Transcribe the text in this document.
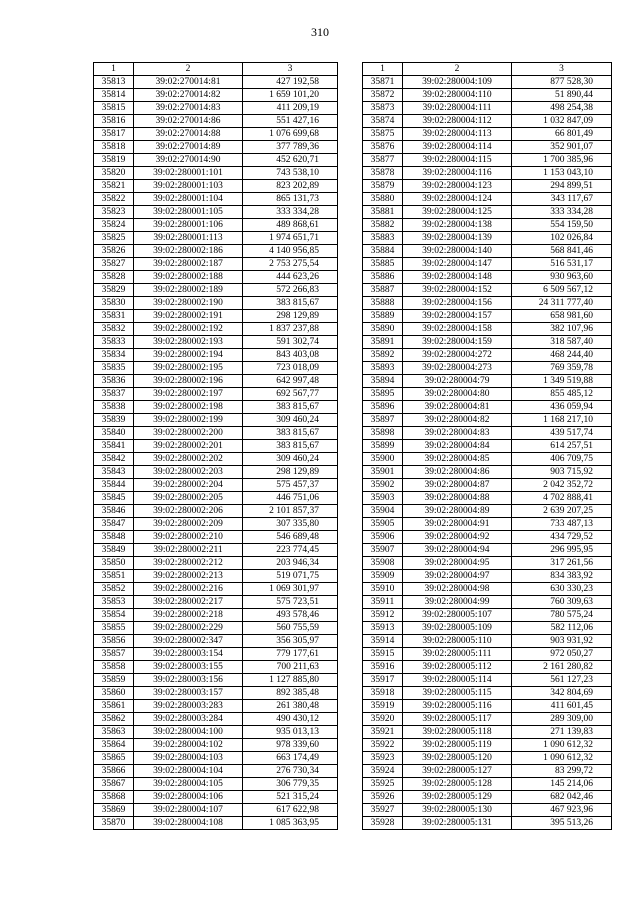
310
1	2	3
35813	39:02:270014:81	427 192,58
35814	39:02:270014:82	1 659 101,20
35815	39:02:270014:83	411 209,19
35816	39:02:270014:86	551 427,16
35817	39:02:270014:88	1 076 699,68
35818	39:02:270014:89	377 789,36
35819	39:02:270014:90	452 620,71
35820	39:02:280001:101	743 538,10
35821	39:02:280001:103	823 202,89
35822	39:02:280001:104	865 131,73
35823	39:02:280001:105	333 334,28
35824	39:02:280001:106	489 868,61
35825	39:02:280001:113	1 974 651,71
35826	39:02:280002:186	4 140 956,85
35827	39:02:280002:187	2 753 275,54
35828	39:02:280002:188	444 623,26
35829	39:02:280002:189	572 266,83
35830	39:02:280002:190	383 815,67
35831	39:02:280002:191	298 129,89
35832	39:02:280002:192	1 837 237,88
35833	39:02:280002:193	591 302,74
35834	39:02:280002:194	843 403,08
35835	39:02:280002:195	723 018,09
35836	39:02:280002:196	642 997,48
35837	39:02:280002:197	692 567,77
35838	39:02:280002:198	383 815,67
35839	39:02:280002:199	309 460,24
35840	39:02:280002:200	383 815,67
35841	39:02:280002:201	383 815,67
35842	39:02:280002:202	309 460,24
35843	39:02:280002:203	298 129,89
35844	39:02:280002:204	575 457,37
35845	39:02:280002:205	446 751,06
35846	39:02:280002:206	2 101 857,37
35847	39:02:280002:209	307 335,80
35848	39:02:280002:210	546 689,48
35849	39:02:280002:211	223 774,45
35850	39:02:280002:212	203 946,34
35851	39:02:280002:213	519 071,75
35852	39:02:280002:216	1 069 301,97
35853	39:02:280002:217	575 723,51
35854	39:02:280002:218	493 578,46
35855	39:02:280002:229	560 755,59
35856	39:02:280002:347	356 305,97
35857	39:02:280003:154	779 177,61
35858	39:02:280003:155	700 211,63
35859	39:02:280003:156	1 127 885,80
35860	39:02:280003:157	892 385,48
35861	39:02:280003:283	261 380,48
35862	39:02:280003:284	490 430,12
35863	39:02:280004:100	935 013,13
35864	39:02:280004:102	978 339,60
35865	39:02:280004:103	663 174,49
35866	39:02:280004:104	276 730,34
35867	39:02:280004:105	306 779,35
35868	39:02:280004:106	521 315,24
35869	39:02:280004:107	617 622,98
35870	39:02:280004:108	1 085 363,95
1	2	3
35871	39:02:280004:109	877 528,30
35872	39:02:280004:110	51 890,44
35873	39:02:280004:111	498 254,38
35874	39:02:280004:112	1 032 847,09
35875	39:02:280004:113	66 801,49
35876	39:02:280004:114	352 901,07
35877	39:02:280004:115	1 700 385,96
35878	39:02:280004:116	1 153 043,10
35879	39:02:280004:123	294 899,51
35880	39:02:280004:124	343 117,67
35881	39:02:280004:125	333 334,28
35882	39:02:280004:138	554 159,50
35883	39:02:280004:139	102 026,84
35884	39:02:280004:140	568 841,46
35885	39:02:280004:147	516 531,17
35886	39:02:280004:148	930 963,60
35887	39:02:280004:152	6 509 567,12
35888	39:02:280004:156	24 311 777,40
35889	39:02:280004:157	658 981,60
35890	39:02:280004:158	382 107,96
35891	39:02:280004:159	318 587,40
35892	39:02:280004:272	468 244,40
35893	39:02:280004:273	769 359,78
35894	39:02:280004:79	1 349 519,88
35895	39:02:280004:80	855 485,12
35896	39:02:280004:81	436 059,94
35897	39:02:280004:82	1 168 217,10
35898	39:02:280004:83	439 517,74
35899	39:02:280004:84	614 257,51
35900	39:02:280004:85	406 709,75
35901	39:02:280004:86	903 715,92
35902	39:02:280004:87	2 042 352,72
35903	39:02:280004:88	4 702 888,41
35904	39:02:280004:89	2 639 207,25
35905	39:02:280004:91	733 487,13
35906	39:02:280004:92	434 729,52
35907	39:02:280004:94	296 995,95
35908	39:02:280004:95	317 261,56
35909	39:02:280004:97	834 383,92
35910	39:02:280004:98	630 330,23
35911	39:02:280004:99	760 309,63
35912	39:02:280005:107	780 575,24
35913	39:02:280005:109	582 112,06
35914	39:02:280005:110	903 931,92
35915	39:02:280005:111	972 050,27
35916	39:02:280005:112	2 161 280,82
35917	39:02:280005:114	561 127,23
35918	39:02:280005:115	342 804,69
35919	39:02:280005:116	411 601,45
35920	39:02:280005:117	289 309,00
35921	39:02:280005:118	271 139,83
35922	39:02:280005:119	1 090 612,32
35923	39:02:280005:120	1 090 612,32
35924	39:02:280005:127	83 299,72
35925	39:02:280005:128	145 214,06
35926	39:02:280005:129	682 042,46
35927	39:02:280005:130	467 923,96
35928	39:02:280005:131	395 513,26
